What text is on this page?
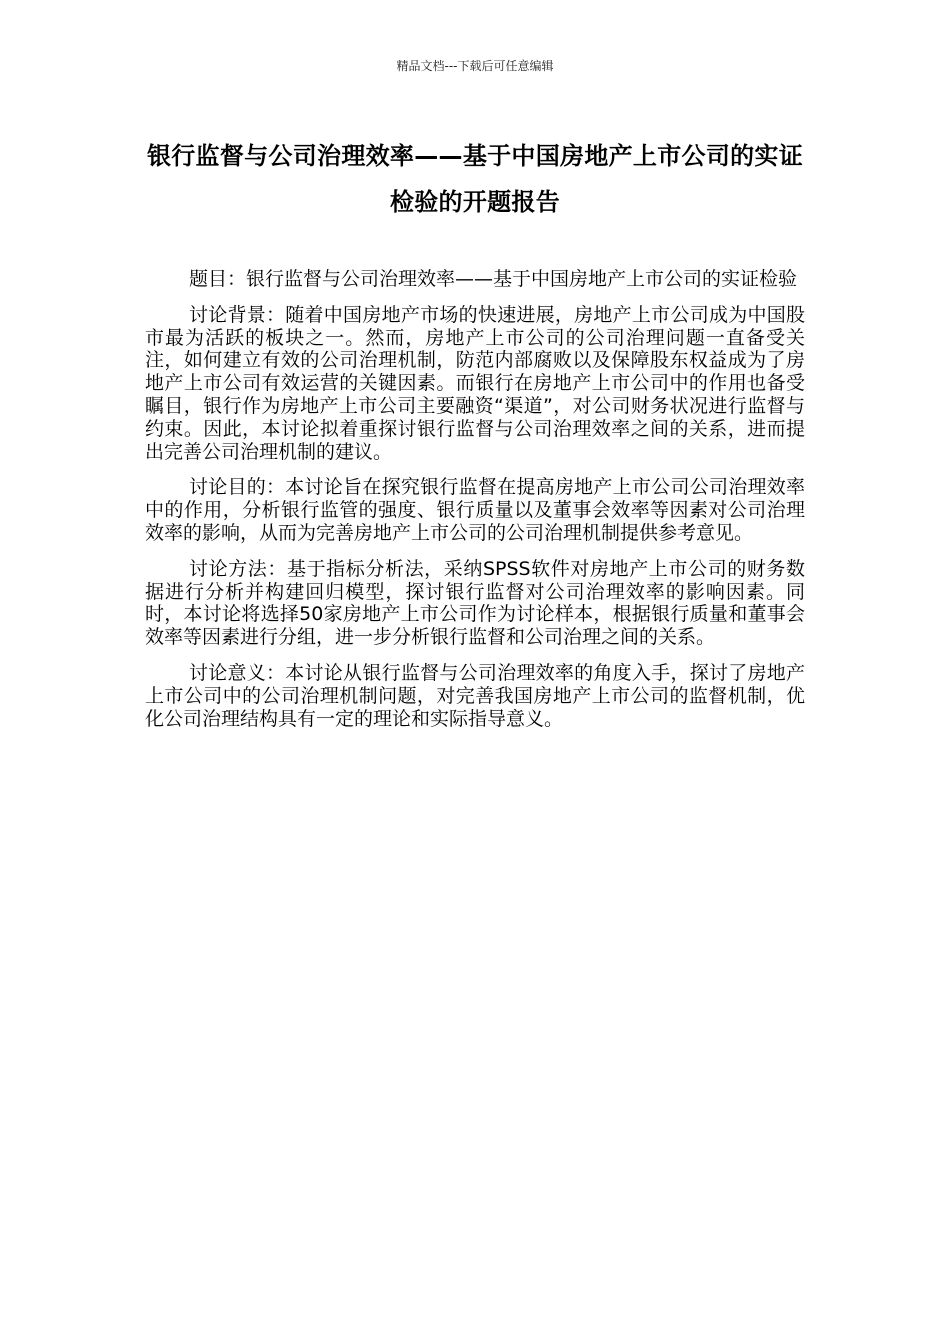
精品文档---下载后可任意编辑
银行监督与公司治理效率——基于中国房地产上市公司的实证检验的开题报告

题目：银行监督与公司治理效率——基于中国房地产上市公司的实证检验

讨论背景：随着中国房地产市场的快速进展，房地产上市公司成为中国股市最为活跃的板块之一。然而，房地产上市公司的公司治理问题一直备受关注，如何建立有效的公司治理机制，防范内部腐败以及保障股东权益成为了房地产上市公司有效运营的关键因素。而银行在房地产上市公司中的作用也备受瞩目，银行作为房地产上市公司主要融资“渠道”，对公司财务状况进行监督与约束。因此，本讨论拟着重探讨银行监督与公司治理效率之间的关系，进而提出完善公司治理机制的建议。

讨论目的：本讨论旨在探究银行监督在提高房地产上市公司公司治理效率中的作用，分析银行监管的强度、银行质量以及董事会效率等因素对公司治理效率的影响，从而为完善房地产上市公司的公司治理机制提供参考意见。

讨论方法：基于指标分析法，采纳SPSS软件对房地产上市公司的财务数据进行分析并构建回归模型，探讨银行监督对公司治理效率的影响因素。同时，本讨论将选择50家房地产上市公司作为讨论样本，根据银行质量和董事会效率等因素进行分组，进一步分析银行监督和公司治理之间的关系。

讨论意义：本讨论从银行监督与公司治理效率的角度入手，探讨了房地产上市公司中的公司治理机制问题，对完善我国房地产上市公司的监督机制，优化公司治理结构具有一定的理论和实际指导意义。
